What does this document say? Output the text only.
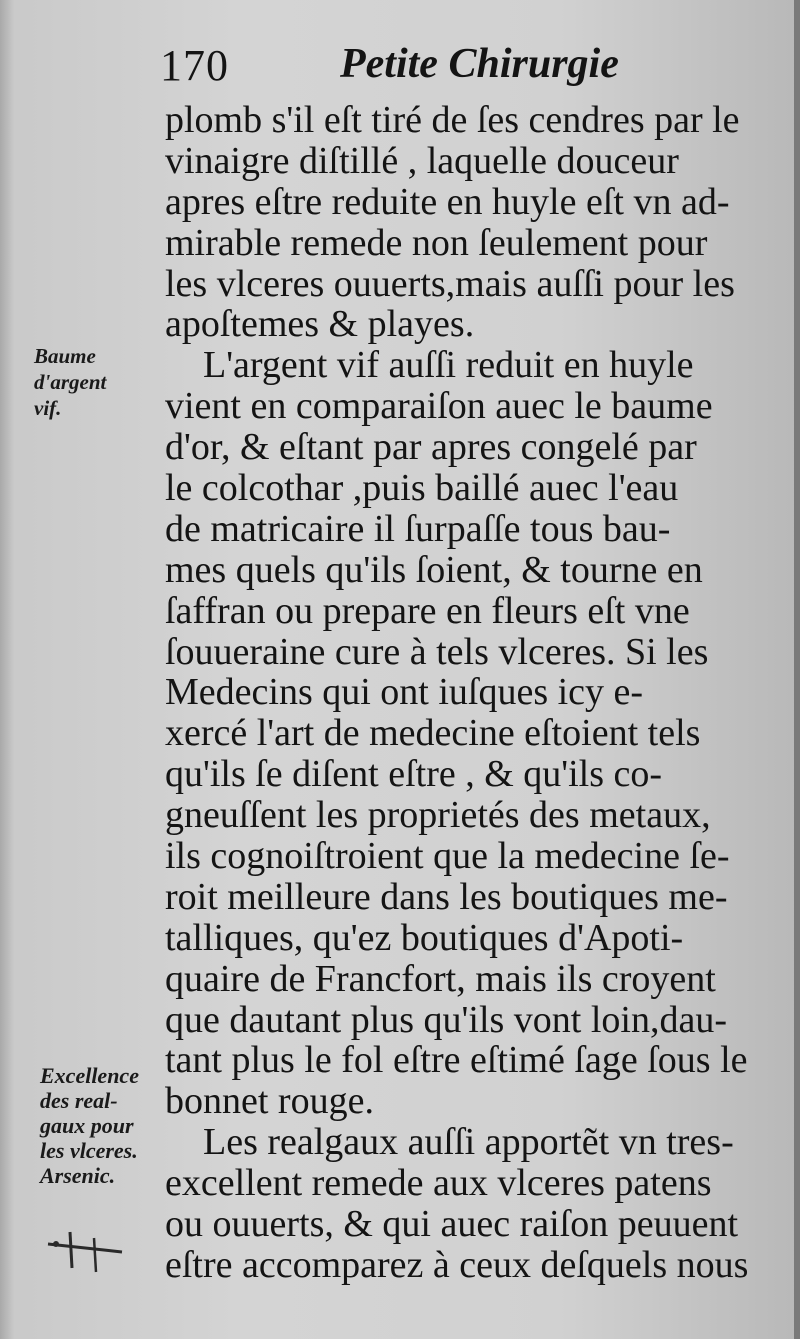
170	Petite Chirurgie
Baume
d'argent
vif.
Excellence
des real-
gaux pour
les vlceres.
Arsenic.
plomb s'il eſt tiré de ſes cendres par le
vinaigre diſtillé , laquelle douceur
apres eſtre reduite en huyle eſt vn ad-
mirable remede non ſeulement pour
les vlceres ouuerts,mais auſſi pour les
apoſtemes & playes.
L'argent vif auſſi reduit en huyle
vient en comparaiſon auec le baume
d'or, & eſtant par apres congelé par
le colcothar ,puis baillé auec l'eau
de matricaire il ſurpaſſe tous bau-
mes quels qu'ils ſoient, & tourne en
ſaffran ou prepare en fleurs eſt vne
ſouueraine cure à tels vlceres. Si les
Medecins qui ont iuſques icy e-
xercé l'art de medecine eſtoient tels
qu'ils ſe diſent eſtre , & qu'ils co-
gneuſſent les proprietés des metaux,
ils cognoiſtroient que la medecine ſe-
roit meilleure dans les boutiques me-
talliques, qu'ez boutiques d'Apoti-
quaire de Francfort, mais ils croyent
que dautant plus qu'ils vont loin,dau-
tant plus le fol eſtre eſtimé ſage ſous le
bonnet rouge.
Les realgaux auſſi apportẽt vn tres-
excellent remede aux vlceres patens
ou ouuerts, & qui auec raiſon peuuent
eſtre accomparez à ceux deſquels nous
